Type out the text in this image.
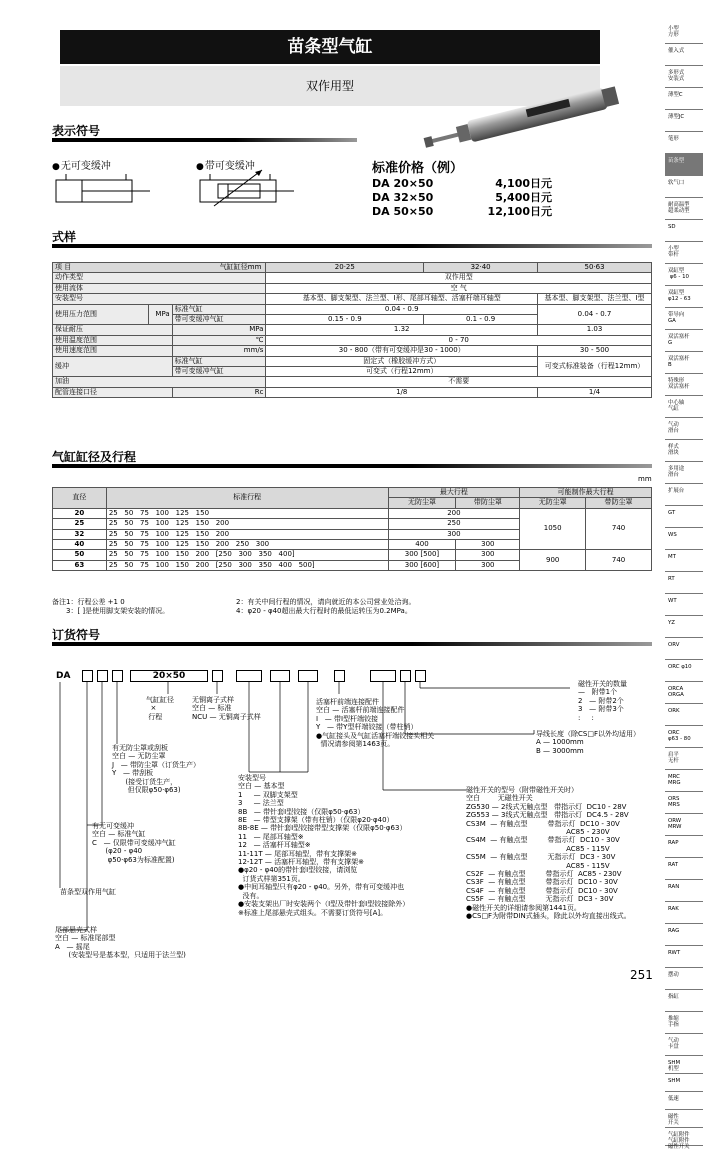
苗条型气缸
双作用型
表示符号
● 无可变缓冲	● 带可变缓冲	标准价格（例）
DA 20×50	4,100日元
DA 32×50	5,400日元
DA 50×50	12,100日元
式样
项 目 气缸缸径mm			20·25	32·40	50·63
动作类型			双作用型		
使用流体			空 气		
安装型号			基本型、脚支架型、法兰型、I形、尾部耳轴型、活塞杆端耳轴型		基本型、脚支架型、法兰型、I型
使用压力范围	MPa	标准气缸	0.04 - 0.9		0.04 - 0.7
		带可变缓冲气缸	0.15 - 0.9	0.1 - 0.9	
保证耐压		MPa	1.32		1.03
使用温度范围		℃	0 - 70		
使用速度范围		mm/s	30 - 800（带有可变缓冲是30 - 1000）		30 - 500
缓冲		标准气缸	固定式（橡胶缓冲方式）		可变式标准装备（行程12mm）
		带可变缓冲气缸	可变式（行程12mm）		
加油			不需要		
配管连接口径		Rc	1/8		1/4
气缸缸径及行程
mm
直径	标准行程	最大行程		可能制作最大行程	
		无防尘罩	带防尘罩	无防尘罩	带防尘罩
20	25   50   75   100   125   150	200		1050	740
25	25   50   75   100   125   150   200	250			
32	25   50   75   100   125   150   200	300			
40	25   50   75   100   125   150   200   250   300	400	300		
50	25   50   75   100   150   200   [250   300   350   400]	300 [500]	300	900	740
63	25   50   75   100   150   200   [250   300   350   400   500]	300 [600]	300		
备注1：行程公差 +1 0
3：[ ]是使用脚支架安装的情况。
2：有关中间行程的情况，请向就近的本公司营业处洽询。
4：φ20 - φ40超出最大行程时的最低运转压为0.2MPa。
订货符号
DA	20×50
气缸缸径
×
行程
无铜离子式样
空白 — 标准
NCU — 无铜离子式样
有无防尘罩或刮板
空白 — 无防尘罩
J   — 带防尘罩（订货生产）
Y   — 带刮板
(接受订货生产，
但仅限φ50·φ63)
有无可变缓冲
空白 — 标准气缸
C   — 仅限带可变缓冲气缸
(φ20 - φ40
φ50·φ63为标准配置)
苗条型双作用气缸
尾部悬壳式样
空白 — 标准尾部型
A   — 摇尾
(安装型号是基本型，只适用于法兰型)
活塞杆前端连接配件
空白 — 活塞杆前端连接配件
I   — 带I型杆端铰接
Y   — 带Y型杆端铰接（带柱销）
●气缸接头及气缸活塞杆端铰接头相关
情况请参阅第1463页。
安装型号
空白 — 基本型
1     — 双脚支架型
3     — 法兰型
8B   — 带针套I型铰接（仅限φ50·φ63）
8E   — 带型支撑架（带有柱销）（仅限φ20·φ40）
8B-8E — 带针套I型铰接带型支撑架（仅限φ50·φ63）
11   — 尾部耳轴型※
12   — 活塞杆耳轴型※
11-11T — 尾部耳轴型，带有支撑架※
12-12T — 活塞杆耳轴型，带有支撑架※
●φ20 - φ40的带针套I型铰接，请浏览
订货式样第351页。
●中间耳轴型只有φ20 - φ40。另外，带有可变缓冲也
没有。
●安装支架出厂时安装两个（I型及带针套I型铰接除外）
※标准上尾部悬壳式组头。不需要订货符号[A]。
磁性开关的数量
—   附带1个
2   — 附带2个
3   — 附带3个
:     :
导线长度（除CS□F以外均适用）
A — 1000mm
B — 3000mm
磁性开关的型号（附带磁性开关时）
空白        无磁性开关
ZG530 — 2线式无触点型   带指示灯  DC10 - 28V
ZG553 — 3线式无触点型   带指示灯  DC4.5 - 28V
CS3M  — 有触点型         带指示灯  DC10 - 30V
AC85 - 230V
CS4M  — 有触点型         带指示灯  DC10 - 30V
AC85 - 115V
CS5M  — 有触点型         无指示灯  DC3 - 30V
AC85 - 115V
CS2F  — 有触点型         带指示灯  AC85 - 230V
CS3F  — 有触点型         带指示灯  DC10 - 30V
CS4F  — 有触点型         带指示灯  DC10 - 30V
CS5F  — 有触点型         无指示灯  DC3 - 30V
●磁性开关的详细请参阅第1441页。
●CS□F为附带DIN式插头，除此以外均直接出线式。
小型
方形
催入式
多形式
安装式
薄型C
薄型JC
笔形
苗条型
软气口
耐高温型
超柔动型
SD
小型
带杆
双缸型
φ6 - 10
双缸型
φ12 - 63
带导向
GA
双活塞杆
G
双活塞杆
B
特殊形
双活塞杆
中心轴
气缸
气动
滑台
样式
滑块
多用途
滑台
扩展台
GT
WS
MT
RT
WT
YZ
ORV
ORC φ10
ORCA
ORGA
ORK
ORC
φ63 - 80
肩平
无杆
MRC
MRG
ORS
MRS
ORW
MRW
RAP
RAT
RAN
RAK
RAG
RWT
摆动
指缸
推缩
手指
气动
卡盘
SHM
机型
SHM
低速
磁性
开关
气缸附件
气缸附件
磁性开关
251
